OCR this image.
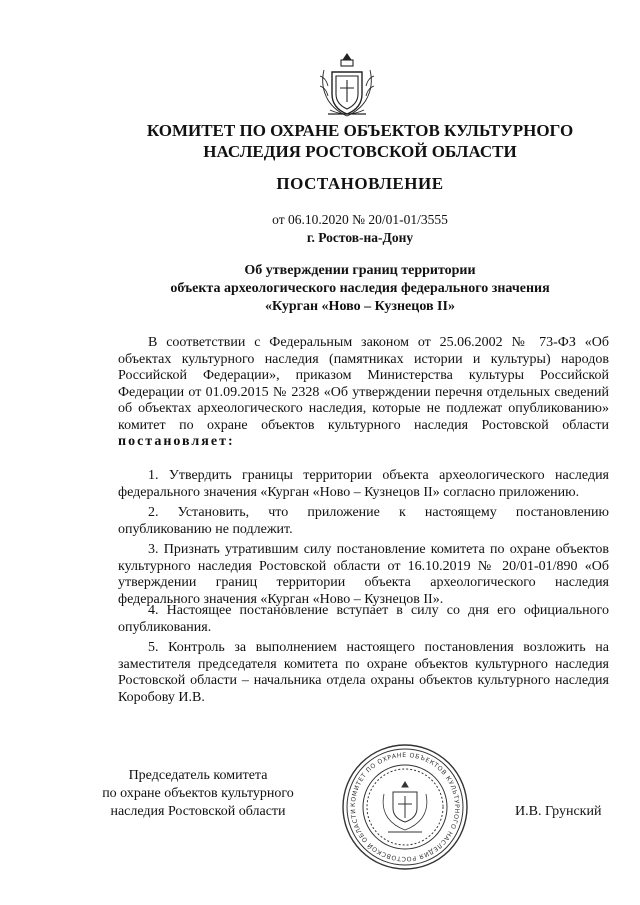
КОМИТЕТ ПО ОХРАНЕ ОБЪЕКТОВ КУЛЬТУРНОГО
НАСЛЕДИЯ РОСТОВСКОЙ ОБЛАСТИ
ПОСТАНОВЛЕНИЕ
от 06.10.2020 № 20/01-01/3555
г. Ростов-на-Дону
Об утверждении границ территории
объекта археологического наследия федерального значения
«Курган «Ново – Кузнецов II»
В соответствии с Федеральным законом от 25.06.2002 № 73-ФЗ «Об объектах культурного наследия (памятниках истории и культуры) народов Российской Федерации», приказом Министерства культуры Российской Федерации от 01.09.2015 № 2328 «Об утверждении перечня отдельных сведений об объектах археологического наследия, которые не подлежат опубликованию» комитет по охране объектов культурного наследия Ростовской области постановляет:
1. Утвердить границы территории объекта археологического наследия федерального значения «Курган «Ново – Кузнецов II» согласно приложению.
2. Установить, что приложение к настоящему постановлению опубликованию не подлежит.
3. Признать утратившим силу постановление комитета по охране объектов культурного наследия Ростовской области от 16.10.2019 № 20/01-01/890 «Об утверждении границ территории объекта археологического наследия федерального значения «Курган «Ново – Кузнецов II».
4. Настоящее постановление вступает в силу со дня его официального опубликования.
5. Контроль за выполнением настоящего постановления возложить на заместителя председателя комитета по охране объектов культурного наследия Ростовской области – начальника отдела охраны объектов культурного наследия Коробову И.В.
Председатель комитета
по охране объектов культурного
наследия Ростовской области	И.В. Грунский
КОМИТЕТ ПО ОХРАНЕ ОБЪЕКТОВ КУЛЬТУРНОГО НАСЛЕДИЯ РОСТОВСКОЙ ОБЛАСТИ
